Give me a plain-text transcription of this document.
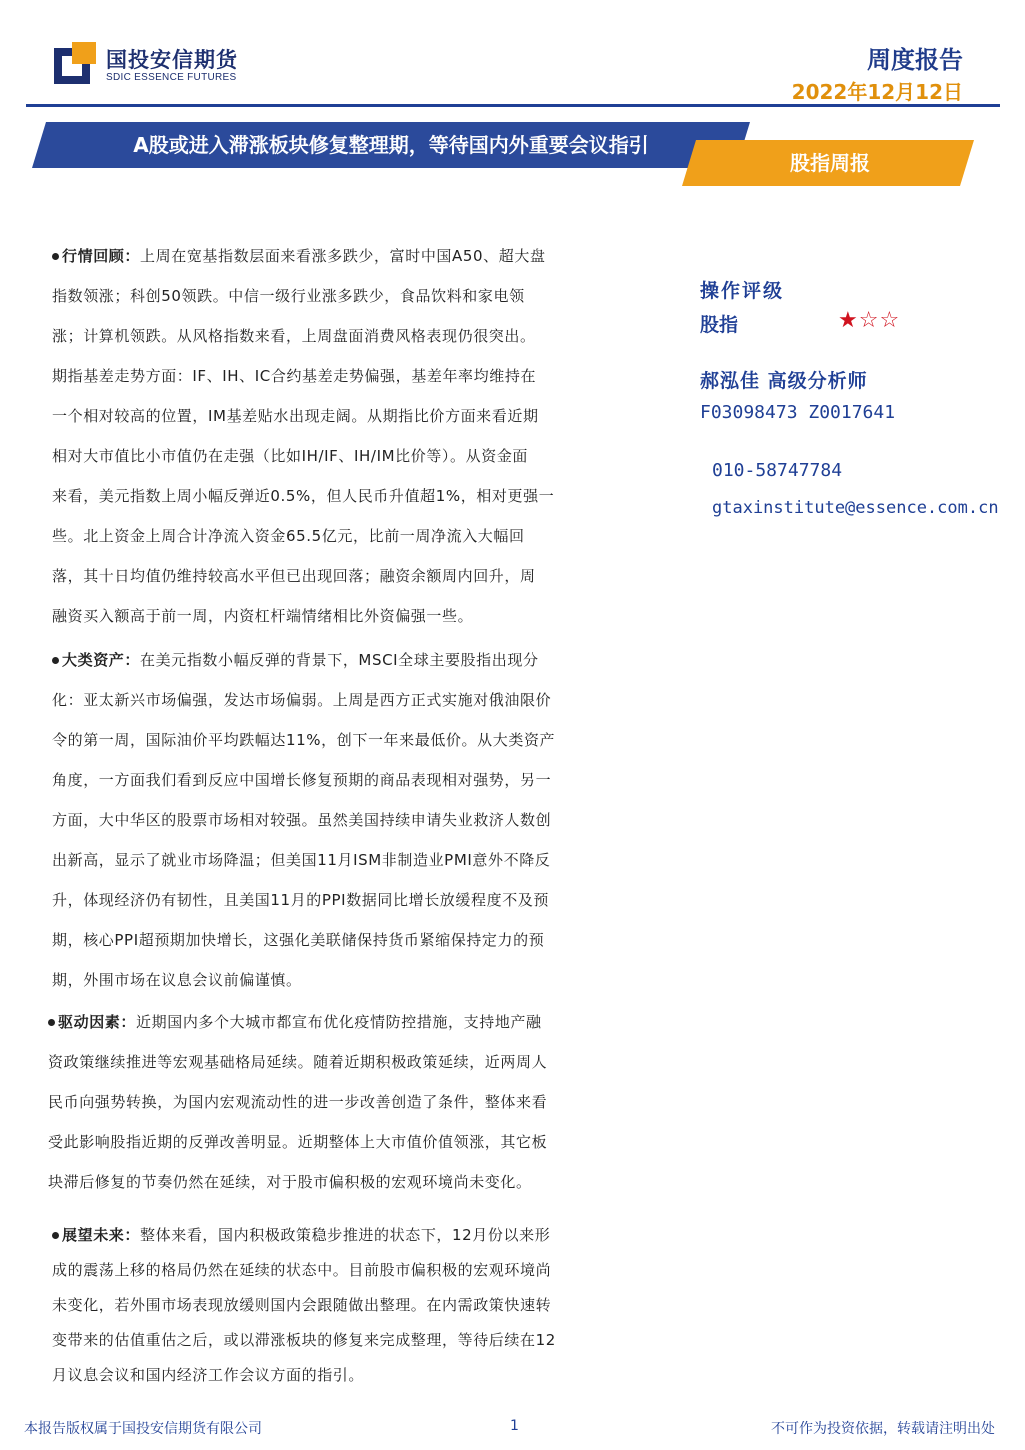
国投安信期货
SDIC ESSENCE FUTURES
周度报告
2022年12月12日
A股或进入滞涨板块修复整理期，等待国内外重要会议指引
股指周报

行情回顾：上周在宽基指数层面来看涨多跌少，富时中国A50、超大盘

指数领涨；科创50领跌。中信一级行业涨多跌少，食品饮料和家电领

涨；计算机领跌。从风格指数来看，上周盘面消费风格表现仍很突出。

期指基差走势方面：IF、IH、IC合约基差走势偏强，基差年率均维持在

一个相对较高的位置，IM基差贴水出现走阔。从期指比价方面来看近期

相对大市值比小市值仍在走强（比如IH/IF、IH/IM比价等）。从资金面

来看，美元指数上周小幅反弹近0.5%，但人民币升值超1%，相对更强一

些。北上资金上周合计净流入资金65.5亿元，比前一周净流入大幅回

落，其十日均值仍维持较高水平但已出现回落；融资余额周内回升，周

融资买入额高于前一周，内资杠杆端情绪相比外资偏强一些。

大类资产：在美元指数小幅反弹的背景下，MSCI全球主要股指出现分

化：亚太新兴市场偏强，发达市场偏弱。上周是西方正式实施对俄油限价

令的第一周，国际油价平均跌幅达11%，创下一年来最低价。从大类资产

角度，一方面我们看到反应中国增长修复预期的商品表现相对强势，另一

方面，大中华区的股票市场相对较强。虽然美国持续申请失业救济人数创

出新高，显示了就业市场降温；但美国11月ISM非制造业PMI意外不降反

升，体现经济仍有韧性，且美国11月的PPI数据同比增长放缓程度不及预

期，核心PPI超预期加快增长，这强化美联储保持货币紧缩保持定力的预

期，外围市场在议息会议前偏谨慎。

驱动因素：近期国内多个大城市都宣布优化疫情防控措施，支持地产融

资政策继续推进等宏观基础格局延续。随着近期积极政策延续，近两周人

民币向强势转换，为国内宏观流动性的进一步改善创造了条件，整体来看

受此影响股指近期的反弹改善明显。近期整体上大市值价值领涨，其它板

块滞后修复的节奏仍然在延续，对于股市偏积极的宏观环境尚未变化。

展望未来：整体来看，国内积极政策稳步推进的状态下，12月份以来形

成的震荡上移的格局仍然在延续的状态中。目前股市偏积极的宏观环境尚

未变化，若外围市场表现放缓则国内会跟随做出整理。在内需政策快速转

变带来的估值重估之后，或以滞涨板块的修复来完成整理，等待后续在12

月议息会议和国内经济工作会议方面的指引。

操作评级
股指	★☆☆
郝泓佳 高级分析师
F03098473 Z0017641
010-58747784
gtaxinstitute@essence.com.cn
本报告版权属于国投安信期货有限公司	1	不可作为投资依据，转载请注明出处
